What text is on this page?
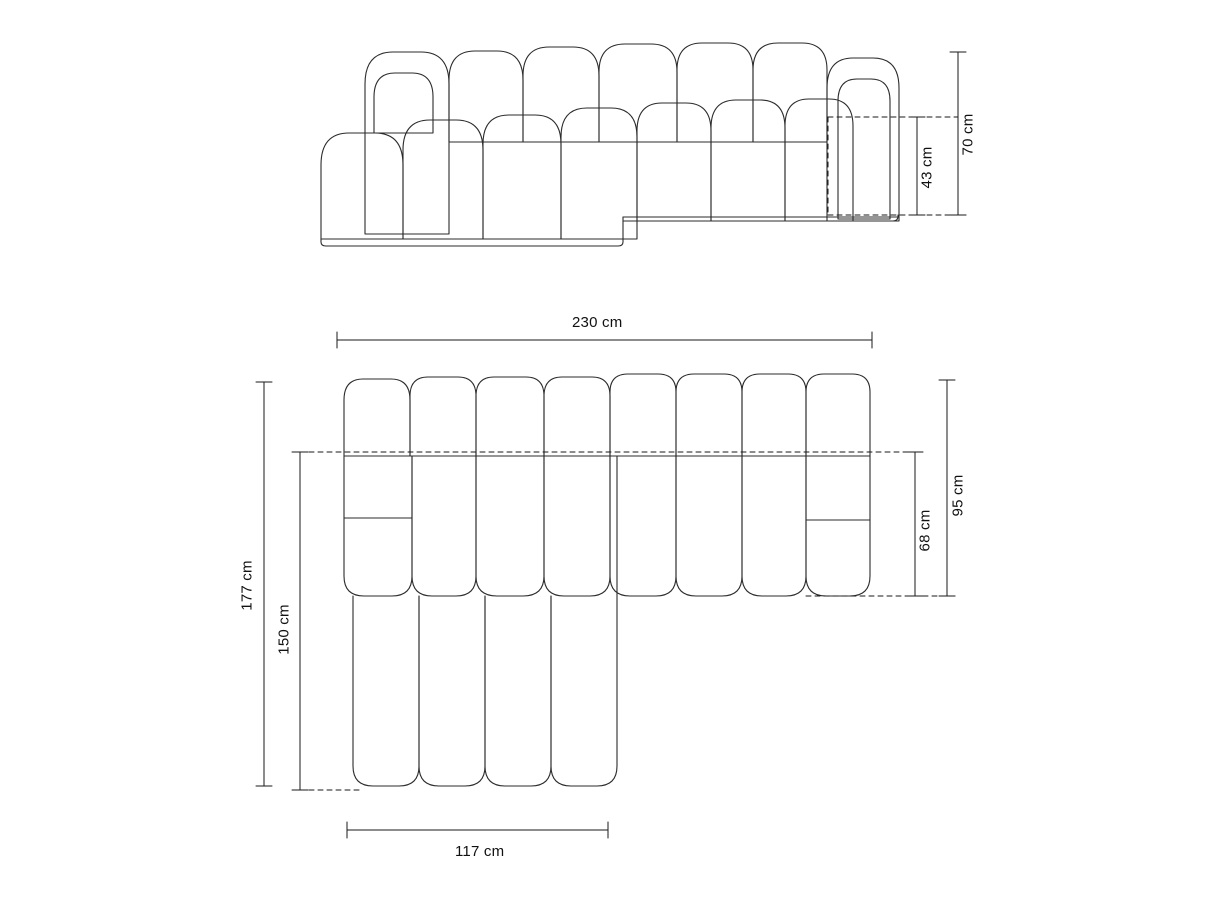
70 cm
43 cm
230 cm
177 cm
150 cm
95 cm
68 cm
117 cm
